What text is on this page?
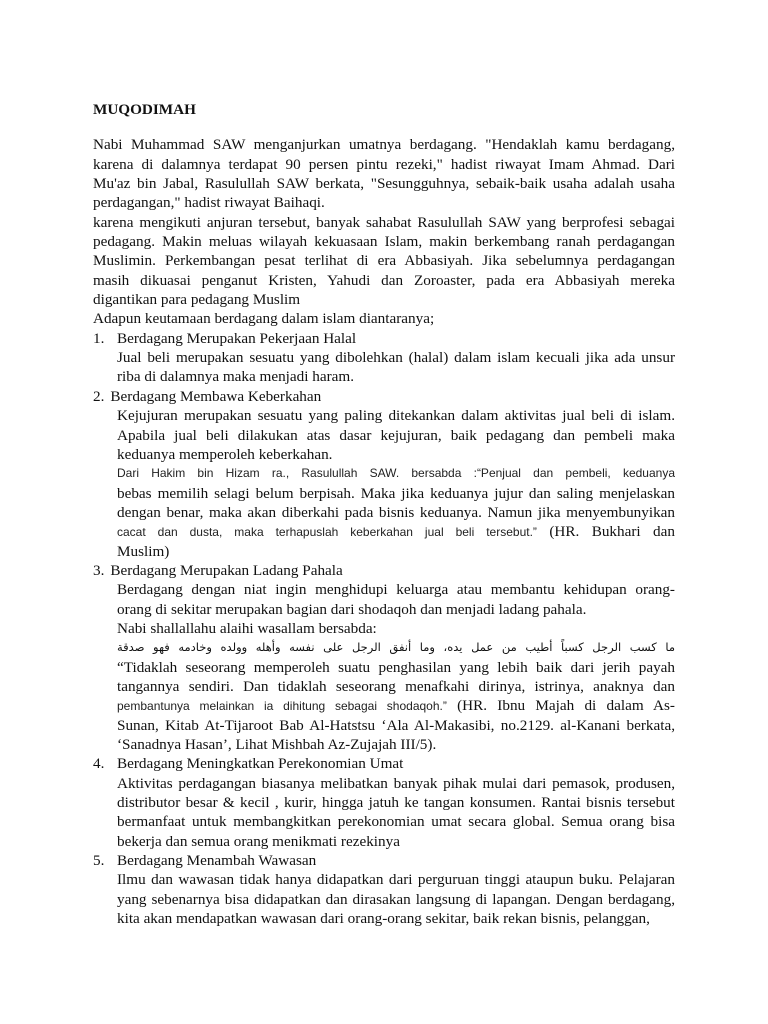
MUQODIMAH
Nabi Muhammad SAW menganjurkan umatnya berdagang. "Hendaklah kamu berdagang,
karena di dalamnya terdapat 90 persen pintu rezeki," hadist riwayat Imam Ahmad. Dari
Mu'az bin Jabal, Rasulullah SAW berkata, "Sesungguhnya, sebaik-baik usaha adalah usaha
perdagangan," hadist riwayat Baihaqi.
karena mengikuti anjuran tersebut, banyak sahabat Rasulullah SAW yang berprofesi sebagai
pedagang. Makin meluas wilayah kekuasaan Islam, makin berkembang ranah perdagangan
Muslimin. Perkembangan pesat terlihat di era Abbasiyah. Jika sebelumnya perdagangan
masih dikuasai penganut Kristen, Yahudi dan Zoroaster, pada era Abbasiyah mereka
digantikan para pedagang Muslim
Adapun keutamaan berdagang dalam islam diantaranya;
1. Berdagang Merupakan Pekerjaan Halal
Jual beli merupakan sesuatu yang dibolehkan (halal) dalam islam kecuali jika ada unsur
riba di dalamnya maka menjadi haram.
2. Berdagang Membawa Keberkahan
Kejujuran merupakan sesuatu yang paling ditekankan dalam aktivitas jual beli di islam.
Apabila jual beli dilakukan atas dasar kejujuran, baik pedagang dan pembeli maka
keduanya memperoleh keberkahan.
Dari Hakim bin Hizam ra., Rasulullah SAW. bersabda :“Penjual dan pembeli, keduanya
bebas memilih selagi belum berpisah. Maka jika keduanya jujur dan saling menjelaskan
dengan benar, maka akan diberkahi pada bisnis keduanya. Namun jika menyembunyikan
cacat dan dusta, maka terhapuslah keberkahan jual beli tersebut.” (HR. Bukhari dan
Muslim)
3. Berdagang Merupakan Ladang Pahala
Berdagang dengan niat ingin menghidupi keluarga atau membantu kehidupan orang-
orang di sekitar merupakan bagian dari shodaqoh dan menjadi ladang pahala.
Nabi shallallahu alaihi wasallam bersabda:
ما كسب الرجل كسباً أطيب من عمل يده، وما أنفق الرجل على نفسه وأهله وولده وخادمه فهو صدقة
“Tidaklah seseorang memperoleh suatu penghasilan yang lebih baik dari jerih payah
tangannya sendiri. Dan tidaklah seseorang menafkahi dirinya, istrinya, anaknya dan
pembantunya melainkan ia dihitung sebagai shodaqoh.” (HR. Ibnu Majah di dalam As-
Sunan, Kitab At-Tijaroot Bab Al-Hatstsu ‘Ala Al-Makasibi, no.2129. al-Kanani berkata,
‘Sanadnya Hasan’, Lihat Mishbah Az-Zujajah III/5).
4. Berdagang Meningkatkan Perekonomian Umat
Aktivitas perdagangan biasanya melibatkan banyak pihak mulai dari pemasok, produsen,
distributor besar & kecil , kurir, hingga jatuh ke tangan konsumen. Rantai bisnis tersebut
bermanfaat untuk membangkitkan perekonomian umat secara global. Semua orang bisa
bekerja dan semua orang menikmati rezekinya
5. Berdagang Menambah Wawasan
Ilmu dan wawasan tidak hanya didapatkan dari perguruan tinggi ataupun buku. Pelajaran
yang sebenarnya bisa didapatkan dan dirasakan langsung di lapangan. Dengan berdagang,
kita akan mendapatkan wawasan dari orang-orang sekitar, baik rekan bisnis, pelanggan,
